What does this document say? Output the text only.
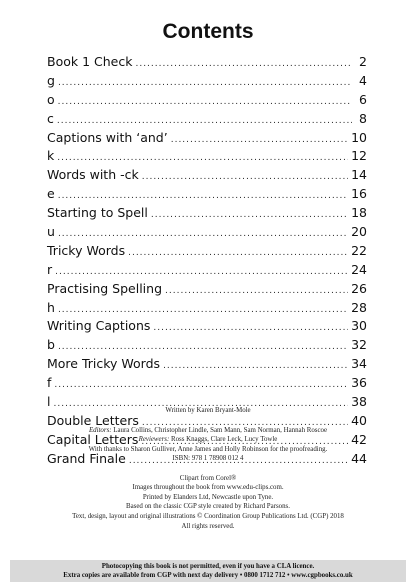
Contents
Book 1 Check .....	2
g .....	4
o .....	6
c .....	8
Captions with ‘and’ .....	10
k .....	12
Words with -ck .....	14
e .....	16
Starting to Spell .....	18
u .....	20
Tricky Words .....	22
r .....	24
Practising Spelling .....	26
h .....	28
Writing Captions .....	30
b .....	32
More Tricky Words .....	34
f .....	36
l .....	38
Double Letters .....	40
Capital Letters .....	42
Grand Finale .....	44

Written by Karen Bryant-Mole

Editors: Laura Collins, Christopher Lindle, Sam Mann, Sam Norman, Hannah Roscoe

Reviewers: Ross Knaggs, Clare Leck, Lucy Towle

With thanks to Sharon Gulliver, Anne James and Holly Robinson for the proofreading.

ISBN: 978 1 78908 012 4

Clipart from Corel®

Images throughout the book from www.edu-clips.com.

Printed by Elanders Ltd, Newcastle upon Tyne.

Based on the classic CGP style created by Richard Parsons.

Text, design, layout and original illustrations © Coordination Group Publications Ltd. (CGP) 2018

All rights reserved.

Photocopying this book is not permitted, even if you have a CLA licence.

Extra copies are available from CGP with next day delivery • 0800 1712 712 • www.cgpbooks.co.uk
